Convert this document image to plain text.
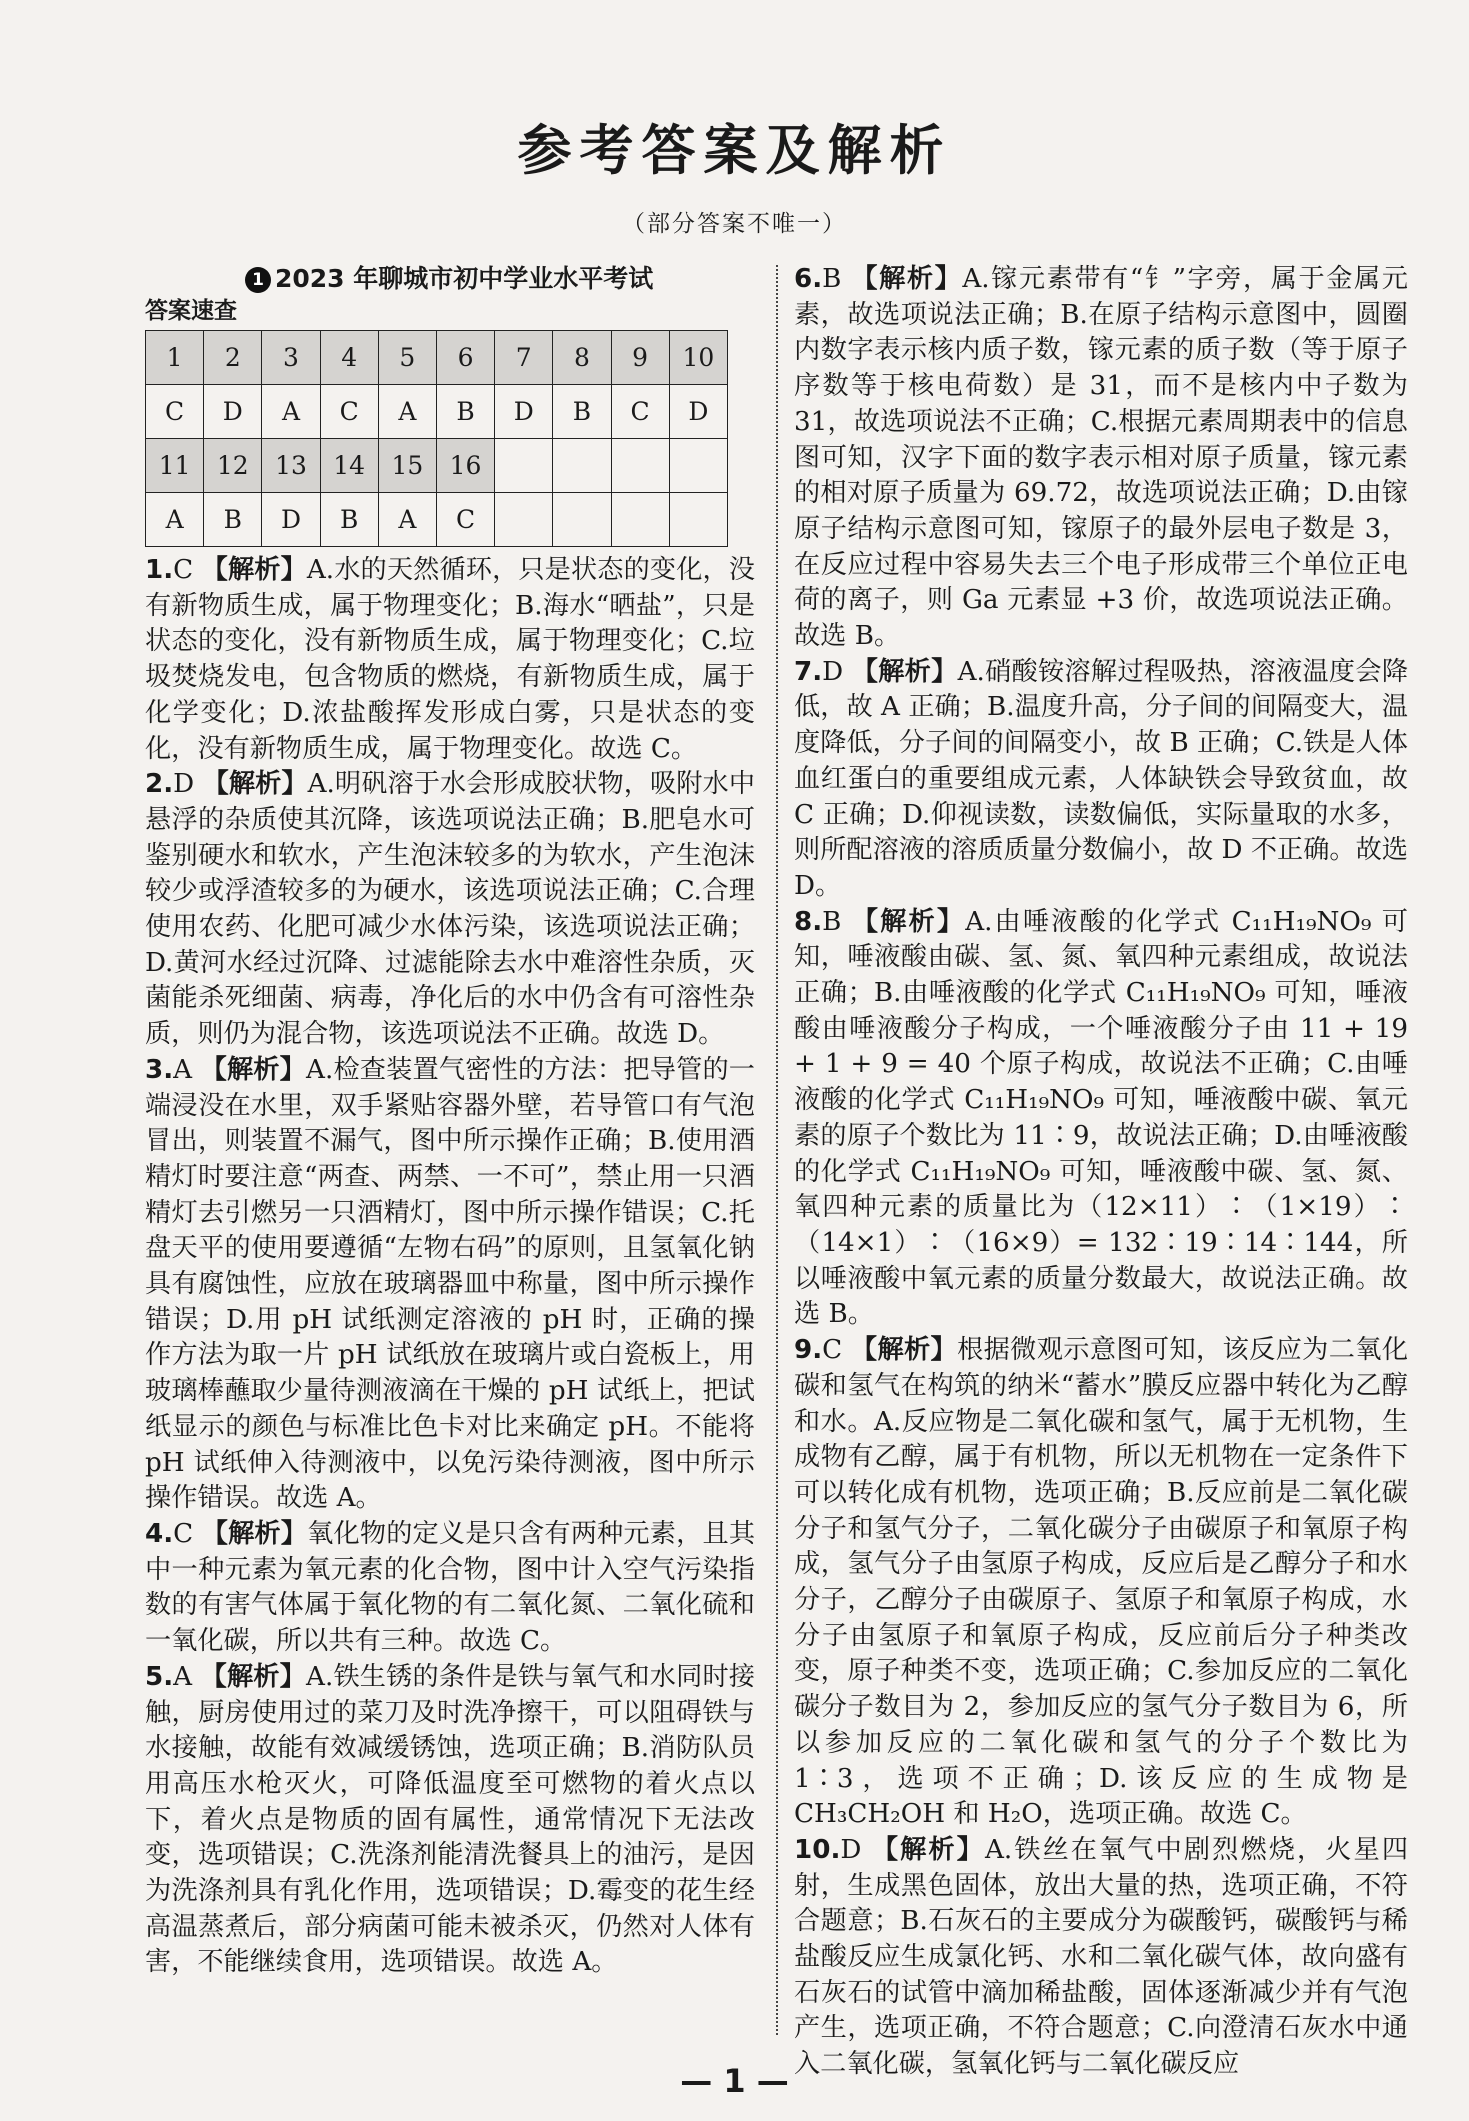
参考答案及解析
（部分答案不唯一）
1 2023 年聊城市初中学业水平考试
答案速查
1	2	3	4	5	6	7	8	9	10
C	D	A	C	A	B	D	B	C	D
11	12	13	14	15	16				
A	B	D	B	A	C				

1.C 【解析】A.水的天然循环，只是状态的变化，没有新物质生成，属于物理变化；B.海水“晒盐”，只是状态的变化，没有新物质生成，属于物理变化；C.垃圾焚烧发电，包含物质的燃烧，有新物质生成，属于化学变化；D.浓盐酸挥发形成白雾，只是状态的变化，没有新物质生成，属于物理变化。故选 C。

2.D 【解析】A.明矾溶于水会形成胶状物，吸附水中悬浮的杂质使其沉降，该选项说法正确；B.肥皂水可鉴别硬水和软水，产生泡沫较多的为软水，产生泡沫较少或浮渣较多的为硬水，该选项说法正确；C.合理使用农药、化肥可减少水体污染，该选项说法正确；D.黄河水经过沉降、过滤能除去水中难溶性杂质，灭菌能杀死细菌、病毒，净化后的水中仍含有可溶性杂质，则仍为混合物，该选项说法不正确。故选 D。

3.A 【解析】A.检查装置气密性的方法：把导管的一端浸没在水里，双手紧贴容器外壁，若导管口有气泡冒出，则装置不漏气，图中所示操作正确；B.使用酒精灯时要注意“两查、两禁、一不可”，禁止用一只酒精灯去引燃另一只酒精灯，图中所示操作错误；C.托盘天平的使用要遵循“左物右码”的原则，且氢氧化钠具有腐蚀性，应放在玻璃器皿中称量，图中所示操作错误；D.用 pH 试纸测定溶液的 pH 时，正确的操作方法为取一片 pH 试纸放在玻璃片或白瓷板上，用玻璃棒蘸取少量待测液滴在干燥的 pH 试纸上，把试纸显示的颜色与标准比色卡对比来确定 pH。不能将 pH 试纸伸入待测液中，以免污染待测液，图中所示操作错误。故选 A。

4.C 【解析】氧化物的定义是只含有两种元素，且其中一种元素为氧元素的化合物，图中计入空气污染指数的有害气体属于氧化物的有二氧化氮、二氧化硫和一氧化碳，所以共有三种。故选 C。

5.A 【解析】A.铁生锈的条件是铁与氧气和水同时接触，厨房使用过的菜刀及时洗净擦干，可以阻碍铁与水接触，故能有效减缓锈蚀，选项正确；B.消防队员用高压水枪灭火，可降低温度至可燃物的着火点以下，着火点是物质的固有属性，通常情况下无法改变，选项错误；C.洗涤剂能清洗餐具上的油污，是因为洗涤剂具有乳化作用，选项错误；D.霉变的花生经高温蒸煮后，部分病菌可能未被杀灭，仍然对人体有害，不能继续食用，选项错误。故选 A。

6.B 【解析】A.镓元素带有“钅”字旁，属于金属元素，故选项说法正确；B.在原子结构示意图中，圆圈内数字表示核内质子数，镓元素的质子数（等于原子序数等于核电荷数）是 31，而不是核内中子数为 31，故选项说法不正确；C.根据元素周期表中的信息图可知，汉字下面的数字表示相对原子质量，镓元素的相对原子质量为 69.72，故选项说法正确；D.由镓原子结构示意图可知，镓原子的最外层电子数是 3，在反应过程中容易失去三个电子形成带三个单位正电荷的离子，则 Ga 元素显 +3 价，故选项说法正确。故选 B。

7.D 【解析】A.硝酸铵溶解过程吸热，溶液温度会降低，故 A 正确；B.温度升高，分子间的间隔变大，温度降低，分子间的间隔变小，故 B 正确；C.铁是人体血红蛋白的重要组成元素，人体缺铁会导致贫血，故 C 正确；D.仰视读数，读数偏低，实际量取的水多，则所配溶液的溶质质量分数偏小，故 D 不正确。故选 D。

8.B 【解析】A.由唾液酸的化学式 C₁₁H₁₉NO₉ 可知，唾液酸由碳、氢、氮、氧四种元素组成，故说法正确；B.由唾液酸的化学式 C₁₁H₁₉NO₉ 可知，唾液酸由唾液酸分子构成，一个唾液酸分子由 11 + 19 + 1 + 9 = 40 个原子构成，故说法不正确；C.由唾液酸的化学式 C₁₁H₁₉NO₉ 可知，唾液酸中碳、氧元素的原子个数比为 11∶9，故说法正确；D.由唾液酸的化学式 C₁₁H₁₉NO₉ 可知，唾液酸中碳、氢、氮、氧四种元素的质量比为（12×11）∶（1×19）∶（14×1）∶（16×9）= 132∶19∶14∶144，所以唾液酸中氧元素的质量分数最大，故说法正确。故选 B。

9.C 【解析】根据微观示意图可知，该反应为二氧化碳和氢气在构筑的纳米“蓄水”膜反应器中转化为乙醇和水。A.反应物是二氧化碳和氢气，属于无机物，生成物有乙醇，属于有机物，所以无机物在一定条件下可以转化成有机物，选项正确；B.反应前是二氧化碳分子和氢气分子，二氧化碳分子由碳原子和氧原子构成，氢气分子由氢原子构成，反应后是乙醇分子和水分子，乙醇分子由碳原子、氢原子和氧原子构成，水分子由氢原子和氧原子构成，反应前后分子种类改变，原子种类不变，选项正确；C.参加反应的二氧化碳分子数目为 2，参加反应的氢气分子数目为 6，所以参加反应的二氧化碳和氢气的分子个数比为 1∶3，选项不正确；D.该反应的生成物是 CH₃CH₂OH 和 H₂O，选项正确。故选 C。

10.D 【解析】A.铁丝在氧气中剧烈燃烧，火星四射，生成黑色固体，放出大量的热，选项正确，不符合题意；B.石灰石的主要成分为碳酸钙，碳酸钙与稀盐酸反应生成氯化钙、水和二氧化碳气体，故向盛有石灰石的试管中滴加稀盐酸，固体逐渐减少并有气泡产生，选项正确，不符合题意；C.向澄清石灰水中通入二氧化碳，氢氧化钙与二氧化碳反应

— 1 —
